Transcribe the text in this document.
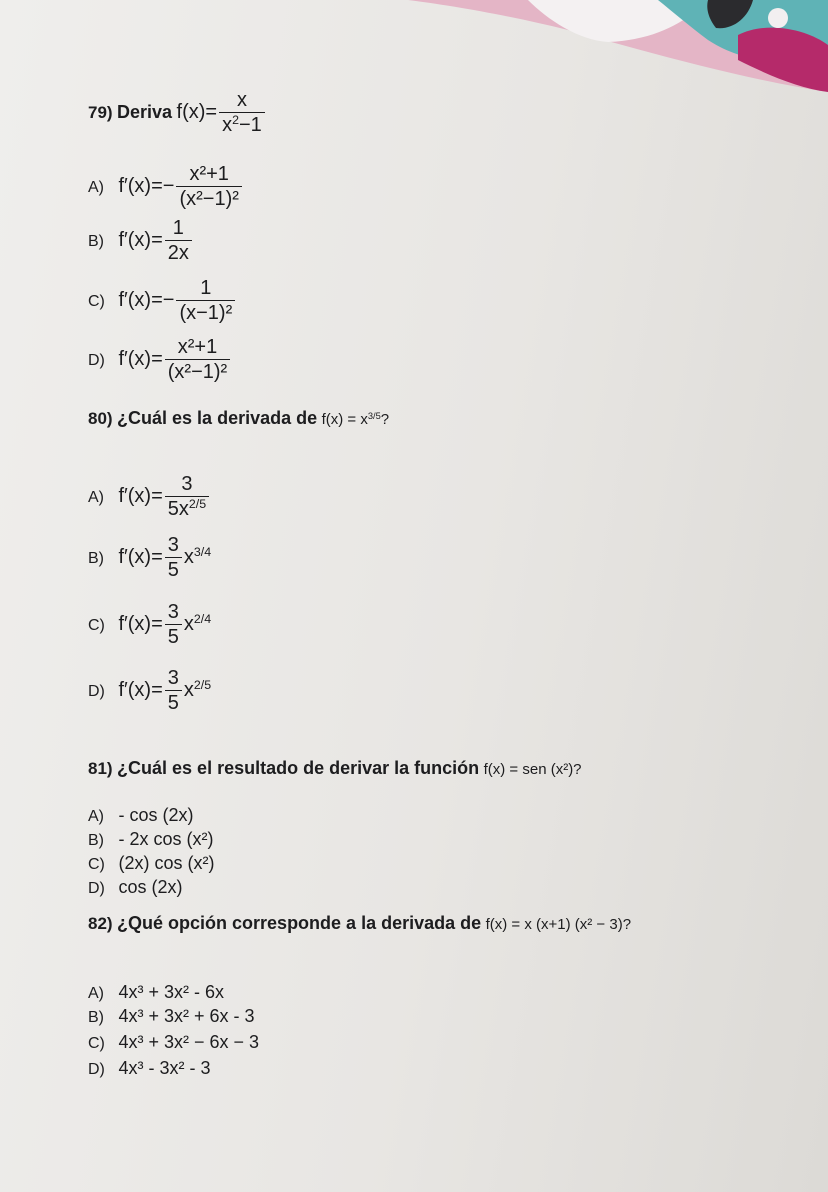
79) Deriva $f(x)= \frac{x}{x^2-1}$
A) $f'(x)=- \frac{\text{x²+1}}{\text{(x²−1)²}}$
B) $f'(x)= \frac{1}{2x}$
C) $f'(x)=- \frac{1}{\text{(x−1)²}}$
D) $f'(x)= \frac{\text{x²+1}}{\text{(x²−1)²}}$
80) ¿Cuál es la derivada de $f(x) = x^{3/5}$?
A) $f'(x)= \frac{3}{5x^{2/5}}$
B) $f'(x)= \frac{3}{5} x^{3/4}$
C) $f'(x)= \frac{3}{5} x^{2/4}$
D) $f'(x)= \frac{3}{5} x^{2/5}$
81) ¿Cuál es el resultado de derivar la función f(x) = sen (x²)?
A) - cos (2x)
B) - 2x cos (x²)
C) (2x) cos (x²)
D) cos (2x)
82) ¿Qué opción corresponde a la derivada de f(x) = x (x+1) (x² − 3)?
A) 4x³ + 3x² - 6x
B) 4x³ + 3x² + 6x - 3
C) 4x³ + 3x² − 6x − 3
D) 4x³ - 3x² - 3
